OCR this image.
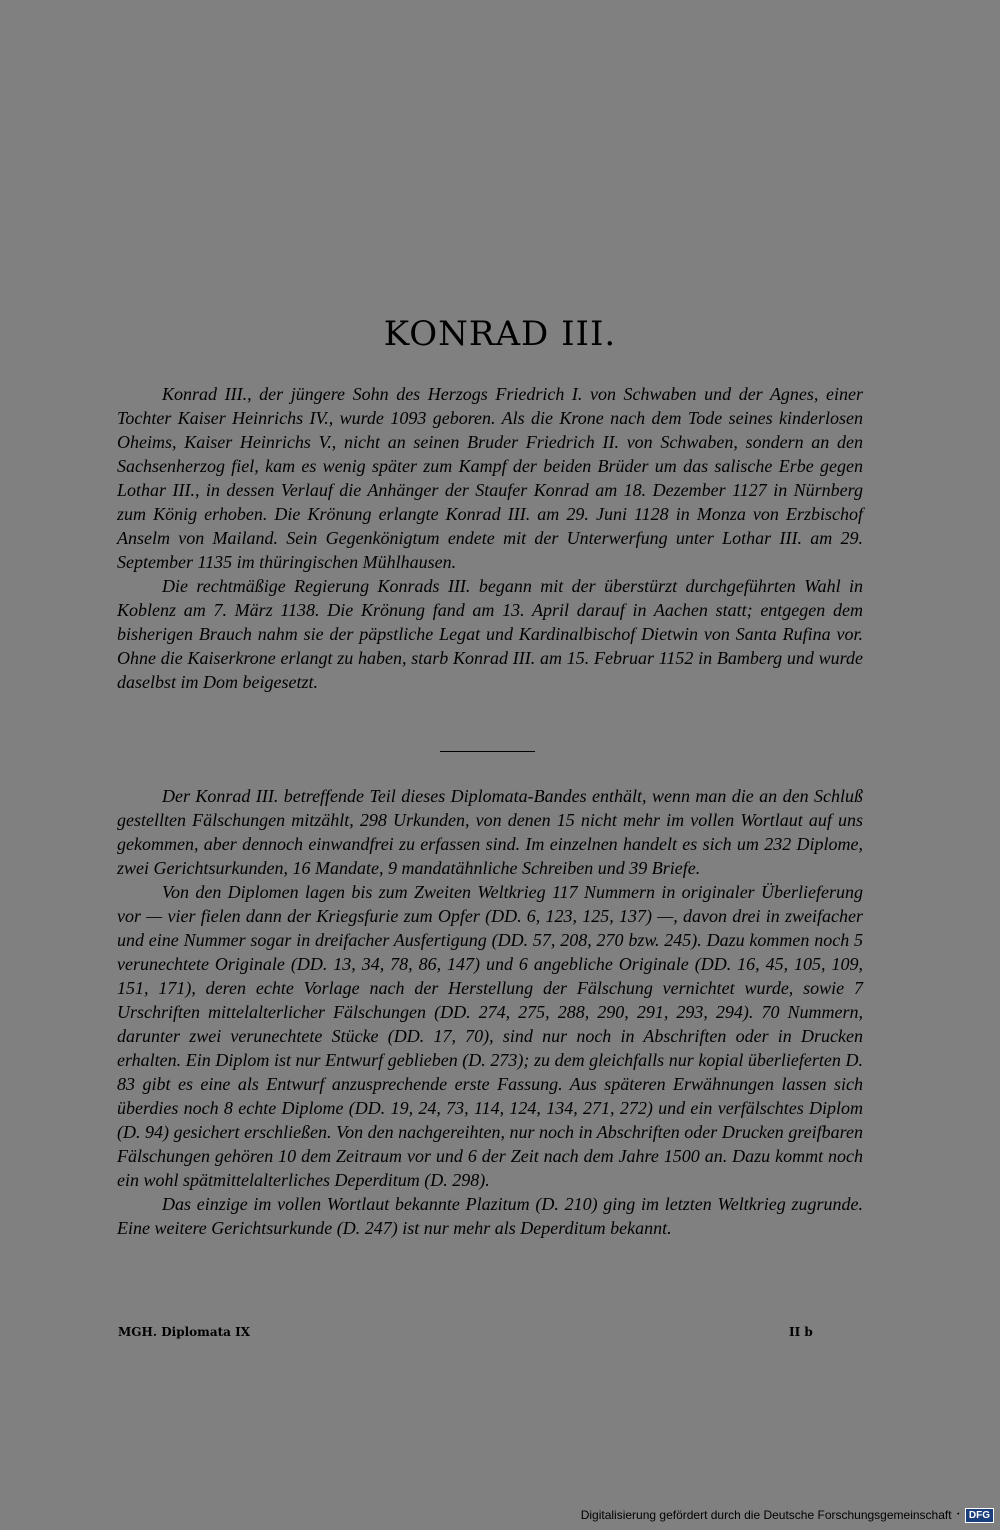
KONRAD III.

Konrad III., der jüngere Sohn des Herzogs Friedrich I. von Schwaben und der Agnes, einer Tochter Kaiser Heinrichs IV., wurde 1093 geboren. Als die Krone nach dem Tode seines kinderlosen Oheims, Kaiser Heinrichs V., nicht an seinen Bruder Friedrich II. von Schwaben, sondern an den Sachsenherzog fiel, kam es wenig später zum Kampf der beiden Brüder um das salische Erbe gegen Lothar III., in dessen Verlauf die Anhänger der Staufer Konrad am 18. Dezember 1127 in Nürnberg zum König erhoben. Die Krönung erlangte Konrad III. am 29. Juni 1128 in Monza von Erzbischof Anselm von Mailand. Sein Gegenkönigtum endete mit der Unterwerfung unter Lothar III. am 29. September 1135 im thüringischen Mühlhausen.

Die rechtmäßige Regierung Konrads III. begann mit der überstürzt durchgeführten Wahl in Koblenz am 7. März 1138. Die Krönung fand am 13. April darauf in Aachen statt; entgegen dem bisherigen Brauch nahm sie der päpstliche Legat und Kardinalbischof Dietwin von Santa Rufina vor. Ohne die Kaiserkrone erlangt zu haben, starb Konrad III. am 15. Februar 1152 in Bamberg und wurde daselbst im Dom beigesetzt.

Der Konrad III. betreffende Teil dieses Diplomata-Bandes enthält, wenn man die an den Schluß gestellten Fälschungen mitzählt, 298 Urkunden, von denen 15 nicht mehr im vollen Wortlaut auf uns gekommen, aber dennoch einwandfrei zu erfassen sind. Im einzelnen handelt es sich um 232 Diplome, zwei Gerichtsurkunden, 16 Mandate, 9 mandatähnliche Schreiben und 39 Briefe.

Von den Diplomen lagen bis zum Zweiten Weltkrieg 117 Nummern in originaler Überlieferung vor — vier fielen dann der Kriegsfurie zum Opfer (DD. 6, 123, 125, 137) —, davon drei in zweifacher und eine Nummer sogar in dreifacher Ausfertigung (DD. 57, 208, 270 bzw. 245). Dazu kommen noch 5 verunechtete Originale (DD. 13, 34, 78, 86, 147) und 6 angebliche Originale (DD. 16, 45, 105, 109, 151, 171), deren echte Vorlage nach der Herstellung der Fälschung vernichtet wurde, sowie 7 Urschriften mittelalterlicher Fälschungen (DD. 274, 275, 288, 290, 291, 293, 294). 70 Nummern, darunter zwei verunechtete Stücke (DD. 17, 70), sind nur noch in Abschriften oder in Drucken erhalten. Ein Diplom ist nur Entwurf geblieben (D. 273); zu dem gleichfalls nur kopial überlieferten D. 83 gibt es eine als Entwurf anzusprechende erste Fassung. Aus späteren Erwähnungen lassen sich überdies noch 8 echte Diplome (DD. 19, 24, 73, 114, 124, 134, 271, 272) und ein verfälschtes Diplom (D. 94) gesichert erschließen. Von den nachgereihten, nur noch in Abschriften oder Drucken greifbaren Fälschungen gehören 10 dem Zeitraum vor und 6 der Zeit nach dem Jahre 1500 an. Dazu kommt noch ein wohl spätmittelalterliches Deperditum (D. 298).

Das einzige im vollen Wortlaut bekannte Plazitum (D. 210) ging im letzten Weltkrieg zugrunde. Eine weitere Gerichtsurkunde (D. 247) ist nur mehr als Deperditum bekannt.

MGH. Diplomata IX	II b
Digitalisierung gefördert durch die Deutsche Forschungsgemeinschaft · DFG
